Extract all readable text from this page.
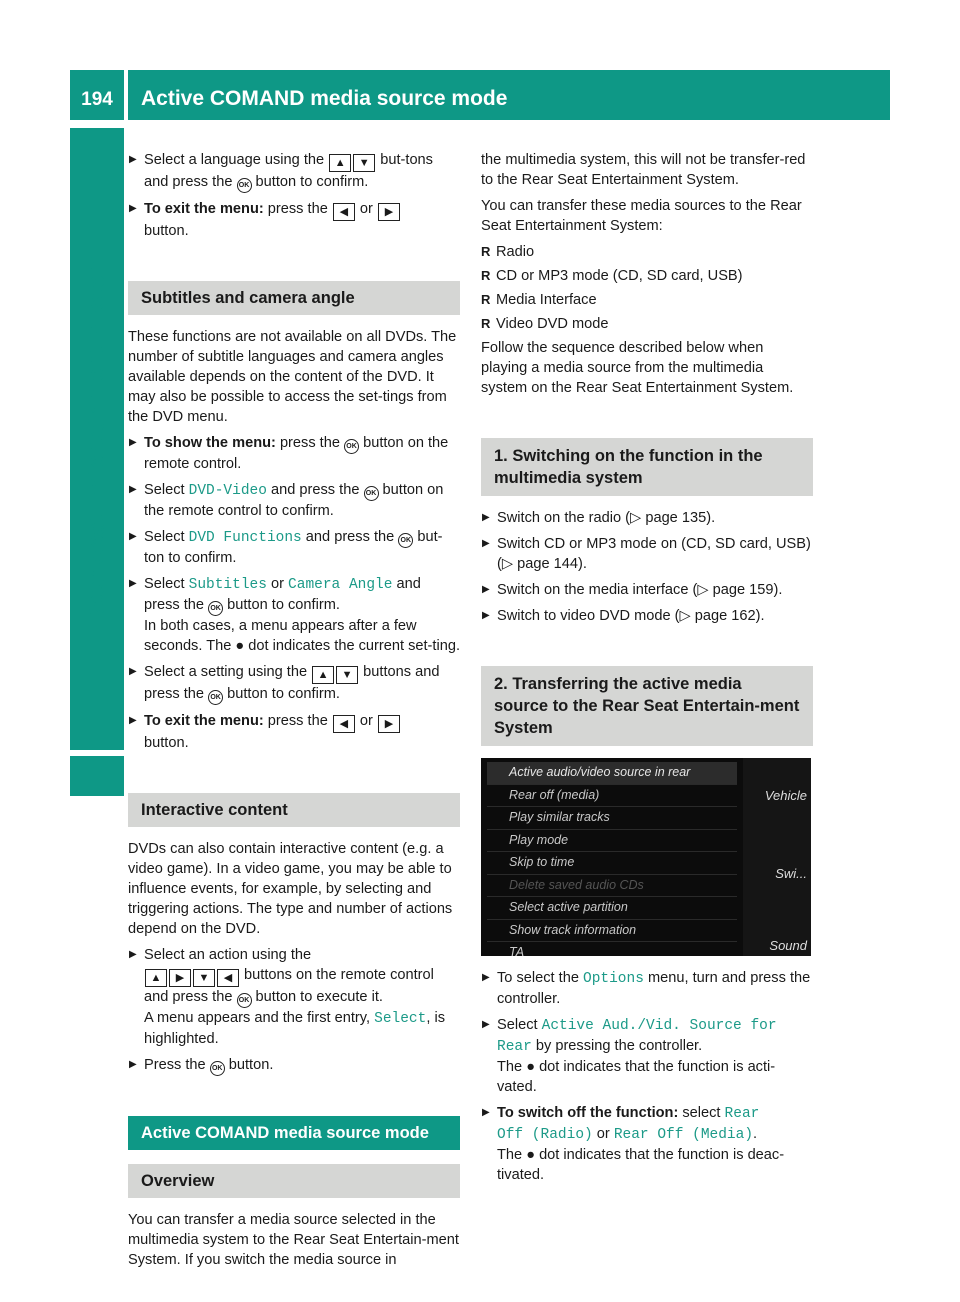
194	Active COMAND media source mode
Rear Seat Entertainment System
▶ Select a language using the ▲ ▼ but-tons and press the OK button to confirm.
▶ To exit the menu: press the ◀ or ▶
button.
Subtitles and camera angle

These functions are not available on all DVDs. The number of subtitle languages and camera angles available depends on the content of the DVD. It may also be possible to access the set-tings from the DVD menu.

▶ To show the menu: press the OK button on the remote control.
▶ Select DVD-Video and press the OK button on the remote control to confirm.
▶ Select DVD Functions and press the OK but-ton to confirm.
▶ Select Subtitles or Camera Angle and press the OK button to confirm.
In both cases, a menu appears after a few seconds. The ● dot indicates the current set-ting.
▶ Select a setting using the ▲ ▼ buttons and press the OK button to confirm.
▶ To exit the menu: press the ◀ or ▶
button.
Interactive content

DVDs can also contain interactive content (e.g. a video game). In a video game, you may be able to influence events, for example, by selecting and triggering actions. The type and number of actions depend on the DVD.

▶ Select an action using the
▲ ▶ ▼ ◀ buttons on the remote control and press the OK button to execute it.
A menu appears and the first entry, Select, is highlighted.
▶ Press the OK button.
Active COMAND media source mode
Overview

You can transfer a media source selected in the multimedia system to the Rear Seat Entertain-ment System. If you switch the media source in

the multimedia system, this will not be transfer-red to the Rear Seat Entertainment System.

You can transfer these media sources to the Rear Seat Entertainment System:

R Radio
R CD or MP3 mode (CD, SD card, USB)
R Media Interface
R Video DVD mode

Follow the sequence described below when playing a media source from the multimedia system on the Rear Seat Entertainment System.

1. Switching on the function in the multimedia system
▶ Switch on the radio (▷ page 135).
▶ Switch CD or MP3 mode on (CD, SD card, USB) (▷ page 144).
▶ Switch on the media interface (▷ page 159).
▶ Switch to video DVD mode (▷ page 162).
2. Transferring the active media source to the Rear Seat Entertain-ment System
Active audio/video source in rear
Rear off (media)
Play similar tracks
Play mode
Skip to time
Delete saved audio CDs
Select active partition
Show track information
TA
Vehicle
Swi...
Sound
▶ To select the Options menu, turn and press the controller.
▶ Select Active Aud./Vid. Source for
Rear by pressing the controller.
The ● dot indicates that the function is acti-vated.
▶ To switch off the function: select Rear
Off (Radio) or Rear Off (Media).
The ● dot indicates that the function is deac-tivated.
